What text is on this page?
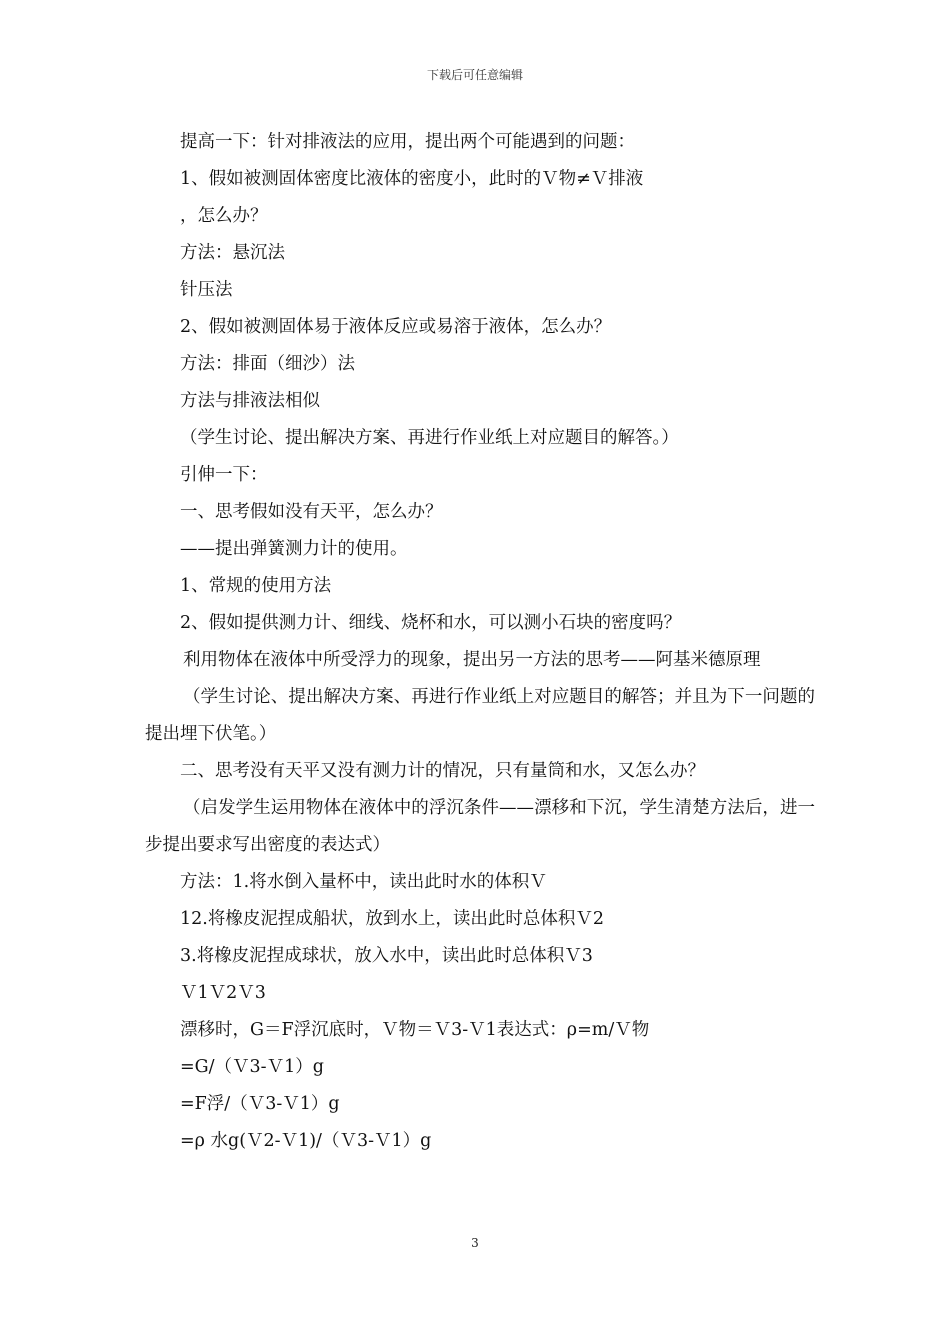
下载后可任意编辑
提高一下：针对排液法的应用，提出两个可能遇到的问题：
1、假如被测固体密度比液体的密度小，此时的Ｖ物≠Ｖ排液
，怎么办？
方法：悬沉法
针压法
2、假如被测固体易于液体反应或易溶于液体，怎么办？
方法：排面（细沙）法
方法与排液法相似
（学生讨论、提出解决方案、再进行作业纸上对应题目的解答。）
引伸一下：
一、思考假如没有天平，怎么办？
——提出弹簧测力计的使用。
1、常规的使用方法
2、假如提供测力计、细线、烧杯和水，可以测小石块的密度吗？
利用物体在液体中所受浮力的现象，提出另一方法的思考——阿基米德原理
（学生讨论、提出解决方案、再进行作业纸上对应题目的解答；并且为下一问题的提出埋下伏笔。）
二、思考没有天平又没有测力计的情况，只有量筒和水，又怎么办？
（启发学生运用物体在液体中的浮沉条件——漂移和下沉，学生清楚方法后，进一步提出要求写出密度的表达式）
方法：1.将水倒入量杯中，读出此时水的体积Ｖ
12.将橡皮泥捏成船状，放到水上，读出此时总体积Ｖ2
3.将橡皮泥捏成球状，放入水中，读出此时总体积Ｖ3
Ｖ1Ｖ2Ｖ3
漂移时，G＝F浮沉底时，Ｖ物＝Ｖ3-Ｖ1表达式：ρ=m/Ｖ物
=G/（Ｖ3-Ｖ1）g
=F浮/（Ｖ3-Ｖ1）g
=ρ 水g(Ｖ2-Ｖ1)/（Ｖ3-Ｖ1）g
3
